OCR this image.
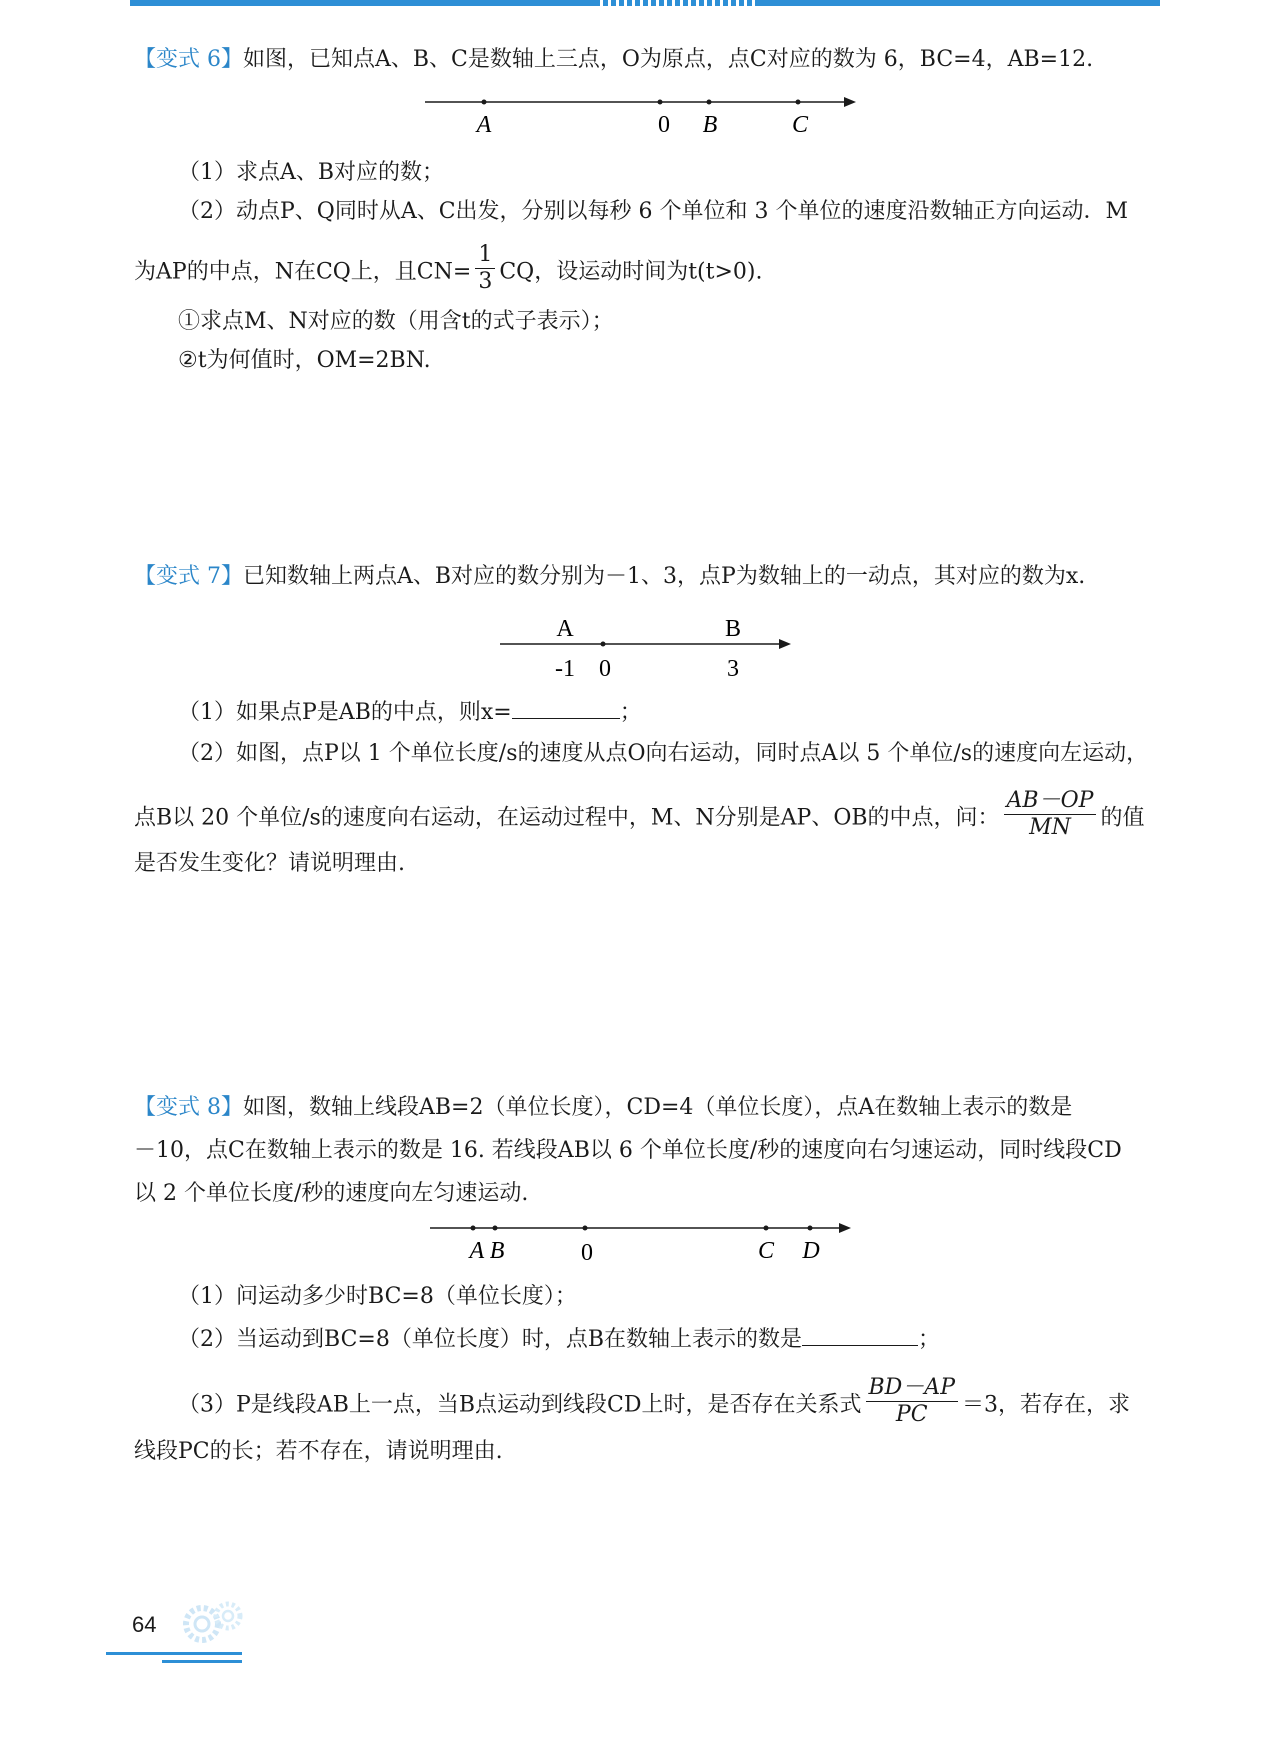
【变式 6】如图，已知点A、B、C是数轴上三点，O为原点，点C对应的数为 6，BC=4，AB=12.
A	0 B	C
（1）求点A、B对应的数；
（2）动点P、Q同时从A、C出发，分别以每秒 6 个单位和 3 个单位的速度沿数轴正方向运动．M
为AP的中点，N在CQ上，且$CN= \frac{1}{3}$ CQ，设运动时间为t(t>0).
①求点M、N对应的数（用含t的式子表示）；
②t为何值时，OM=2BN.
【变式 7】已知数轴上两点A、B对应的数分别为－1、3，点P为数轴上的一动点，其对应的数为x.
A	B
-1 0	3
（1）如果点P是AB的中点，则x=	；
（2）如图，点P以 1 个单位长度/s的速度从点O向右运动，同时点A以 5 个单位/s的速度向左运动，
点B以 20 个单位/s的速度向右运动，在运动过程中，M、N分别是AP、OB的中点，问： $\frac{AB-OP}{MN}$ 的值
是否发生变化？请说明理由.
【变式 8】如图，数轴上线段AB=2（单位长度），CD=4（单位长度），点A在数轴上表示的数是
－10，点C在数轴上表示的数是 16. 若线段AB以 6 个单位长度/秒的速度向右匀速运动，同时线段CD
以 2 个单位长度/秒的速度向左匀速运动.
A B	0	C D
（1）问运动多少时BC=8（单位长度）；
（2）当运动到BC=8（单位长度）时，点B在数轴上表示的数是	；
（3）P是线段AB上一点，当B点运动到线段CD上时，是否存在关系式 $\frac{BD-AP}{PC} =3$，若存在，求
线段PC的长；若不存在，请说明理由.
64
